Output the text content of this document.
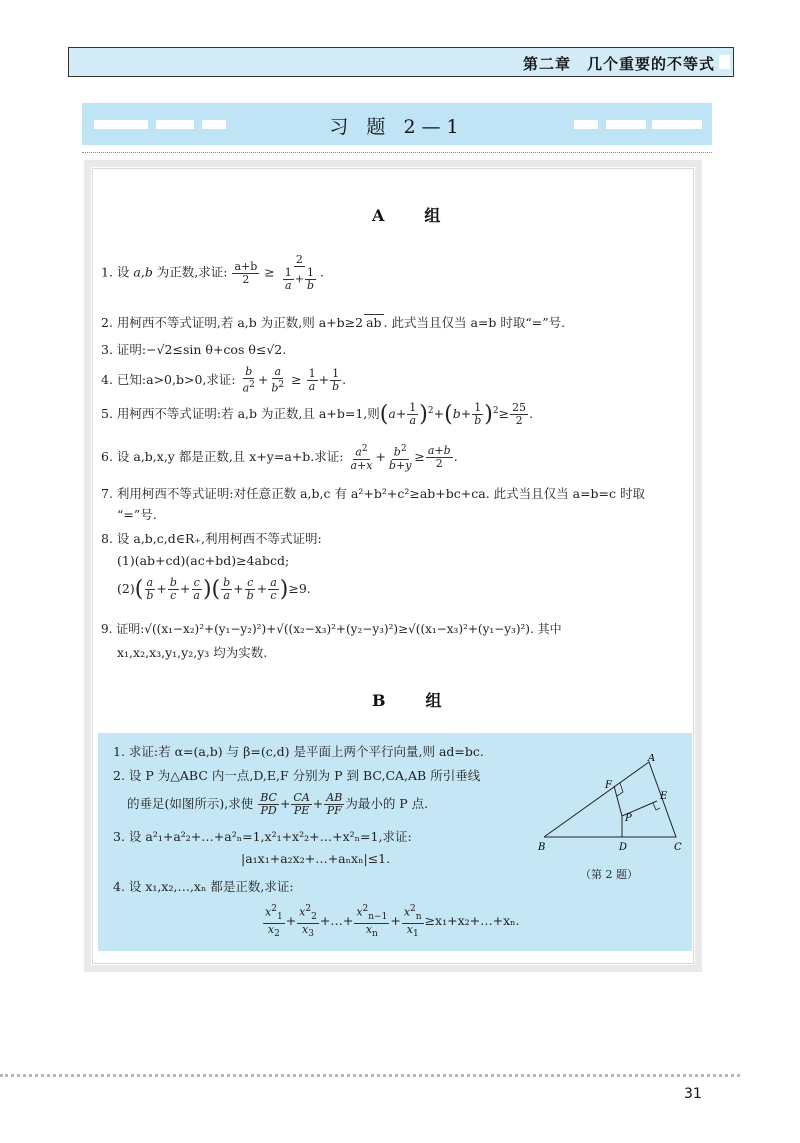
第二章　几个重要的不等式
习 题 2—1
A　组
1. 设 a,b 为正数,求证: $\frac{a+b}{2} \ge \frac{2}{\frac{1}{a} + \frac{1}{b}}$ .
2. 用柯西不等式证明,若 a,b 为正数,则 a+b≥2 ab . 此式当且仅当 a=b 时取“=”号.
3. 证明:−√2≤sin θ+cos θ≤√2.
4. 已知:a>0,b>0,求证: $\frac{b}{a^2} + \frac{a}{b^2} \ge \frac{1}{a} + \frac{1}{b}$ .
5. 用柯西不等式证明:若 a,b 为正数,且 a+b=1,则$(a+ \frac{1}{a} )^2+(b+ \frac{1}{b} )^2\ge \frac{25}{2}$ .
6. 设 a,b,x,y 都是正数,且 x+y=a+b.求证: $\frac{a^2}{a+x} + \frac{b^2}{b+y} \ge \frac{a+b}{2}$ .
7. 利用柯西不等式证明:对任意正数 a,b,c 有 a²+b²+c²≥ab+bc+ca. 此式当且仅当 a=b=c 时取
“=”号.
8. 设 a,b,c,d∈R₊,利用柯西不等式证明:
(1)(ab+cd)(ac+bd)≥4abcd;
$(2)( \frac{a}{b} + \frac{b}{c} + \frac{c}{a}$ )( $\frac{b}{a} + \frac{c}{b} + \frac{a}{c} )\ge 9$.
9. 证明:√((x₁−x₂)²+(y₁−y₂)²)+√((x₂−x₃)²+(y₂−y₃)²)≥√((x₁−x₃)²+(y₁−y₃)²). 其中
x₁,x₂,x₃,y₁,y₂,y₃ 均为实数.
B　组
1. 求证:若 α=(a,b) 与 β=(c,d) 是平面上两个平行向量,则 ad=bc.
2. 设 P 为△ABC 内一点,D,E,F 分别为 P 到 BC,CA,AB 所引垂线
的垂足(如图所示),求使 $\frac{BC}{PD} + \frac{CA}{PE} + \frac{AB}{PF}$ 为最小的 P 点.
3. 设 a²₁+a²₂+…+a²ₙ=1,x²₁+x²₂+…+x²ₙ=1,求证:
|a₁x₁+a₂x₂+…+aₙxₙ|≤1.
4. 设 x₁,x₂,…,xₙ 都是正数,求证:
$\frac{x^2_1}{x_2} + \frac{x^2_2}{x_3}$ +…+ $\frac{x^2_{n-1}}{x_n} + \frac{x^2_n}{x_1}$ ≥x₁+x₂+…+xₙ.
A
B	C
D
E
F
P
（第 2 题）
31
